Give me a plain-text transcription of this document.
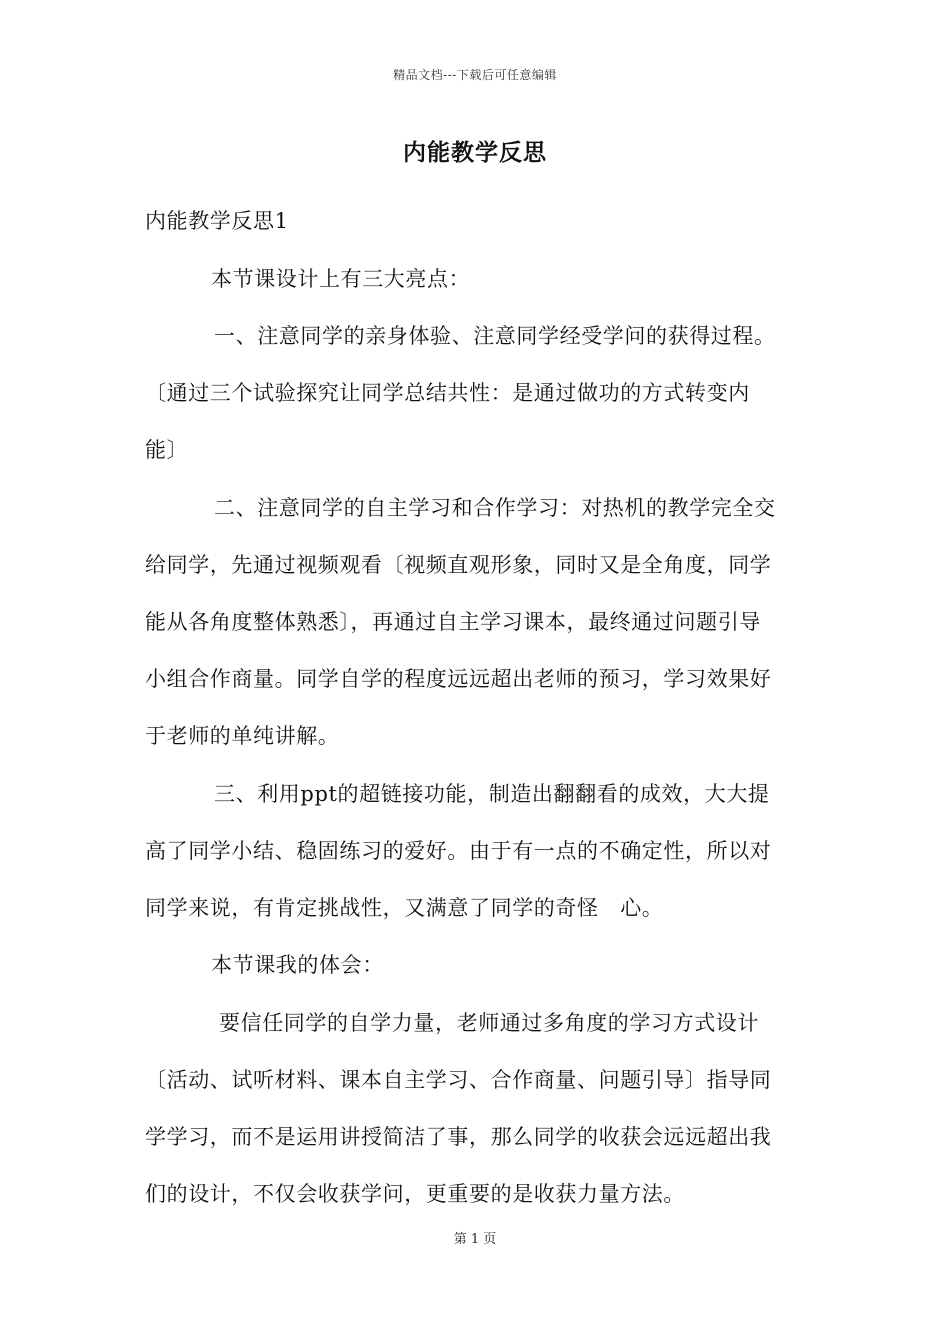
精品文档---下载后可任意编辑
内能教学反思
内能教学反思1
本节课设计上有三大亮点：
一、注意同学的亲身体验、注意同学经受学问的获得过程。
〔通过三个试验探究让同学总结共性：是通过做功的方式转变内
能〕
二、注意同学的自主学习和合作学习：对热机的教学完全交
给同学，先通过视频观看〔视频直观形象，同时又是全角度，同学
能从各角度整体熟悉〕，再通过自主学习课本，最终通过问题引导
小组合作商量。同学自学的程度远远超出老师的预习，学习效果好
于老师的单纯讲解。
三、利用ppt的超链接功能，制造出翻翻看的成效，大大提
高了同学小结、稳固练习的爱好。由于有一点的不确定性，所以对
同学来说，有肯定挑战性，又满意了同学的奇怪　心。
本节课我的体会：
要信任同学的自学力量，老师通过多角度的学习方式设计
〔活动、试听材料、课本自主学习、合作商量、问题引导〕指导同
学学习，而不是运用讲授简洁了事，那么同学的收获会远远超出我
们的设计，不仅会收获学问，更重要的是收获力量方法。
第 1 页
